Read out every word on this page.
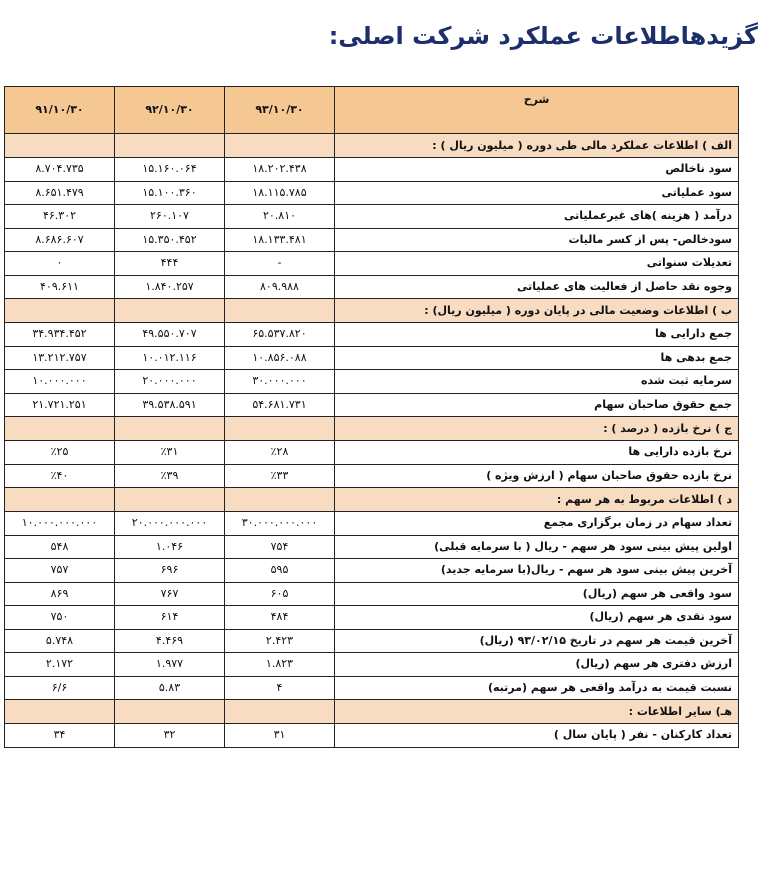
گزیدهاطلاعات عملکرد شرکت اصلی:
۹۱/۱۰/۳۰	۹۲/۱۰/۳۰	۹۳/۱۰/۳۰	شرح
			الف ) اطلاعات عملکرد مالی طی دوره ( میلیون ریال ) :
۸.۷۰۴.۷۳۵	۱۵.۱۶۰.۰۶۴	۱۸.۲۰۲.۴۳۸	سود ناخالص
۸.۶۵۱.۴۷۹	۱۵.۱۰۰.۳۶۰	۱۸.۱۱۵.۷۸۵	سود عملیاتی
۴۶.۳۰۲	۲۶۰.۱۰۷	۲۰.۸۱۰	درآمد ( هزینه )های غیرعملیاتی
۸.۶۸۶.۶۰۷	۱۵.۳۵۰.۴۵۲	۱۸.۱۳۳.۴۸۱	سودخالص- پس از کسر مالیات
۰	۴۴۴	-	تعدیلات سنواتی
۴۰۹.۶۱۱	۱.۸۴۰.۲۵۷	۸۰۹.۹۸۸	وجوه نقد حاصل از فعالیت های عملیاتی
			ب ) اطلاعات وضعیت مالی در پایان دوره ( میلیون ریال) :
۳۴.۹۳۴.۴۵۲	۴۹.۵۵۰.۷۰۷	۶۵.۵۳۷.۸۲۰	جمع دارایی ها
۱۳.۲۱۲.۷۵۷	۱۰.۰۱۲.۱۱۶	۱۰.۸۵۶.۰۸۸	جمع بدهی ها
۱۰.۰۰۰.۰۰۰	۲۰.۰۰۰.۰۰۰	۳۰.۰۰۰.۰۰۰	سرمایه ثبت شده
۲۱.۷۲۱.۲۵۱	۳۹.۵۳۸.۵۹۱	۵۴.۶۸۱.۷۳۱	جمع حقوق صاحبان سهام
			ج ) نرخ بازده ( درصد ) :
٪۲۵	٪۳۱	٪۲۸	نرخ بازده دارایی ها
٪۴۰	٪۳۹	٪۳۳	نرخ بازده حقوق صاحبان سهام ( ارزش ویژه )
			د ) اطلاعات مربوط به هر سهم :
۱۰.۰۰۰.۰۰۰.۰۰۰	۲۰.۰۰۰.۰۰۰.۰۰۰	۳۰.۰۰۰.۰۰۰.۰۰۰	تعداد سهام در زمان برگزاری مجمع
۵۴۸	۱.۰۴۶	۷۵۴	اولین پیش بینی سود هر سهم - ریال ( با سرمایه قبلی)
۷۵۷	۶۹۶	۵۹۵	آخرین پیش بینی سود هر سهم - ریال(با سرمایه جدید)
۸۶۹	۷۶۷	۶۰۵	سود واقعی هر سهم (ریال)
۷۵۰	۶۱۴	۴۸۴	سود نقدی هر سهم (ریال)
۵.۷۴۸	۴.۴۶۹	۲.۴۲۳	آخرین قیمت هر سهم در تاریخ ۹۳/۰۲/۱۵ (ریال)
۲.۱۷۲	۱.۹۷۷	۱.۸۲۳	ارزش دفتری هر سهم (ریال)
۶/۶	۵.۸۳	۴	نسبت قیمت به درآمد واقعی هر سهم (مرتبه)
			هـ) سایر اطلاعات :
۳۴	۳۲	۳۱	تعداد کارکنان - نفر ( پایان سال )
